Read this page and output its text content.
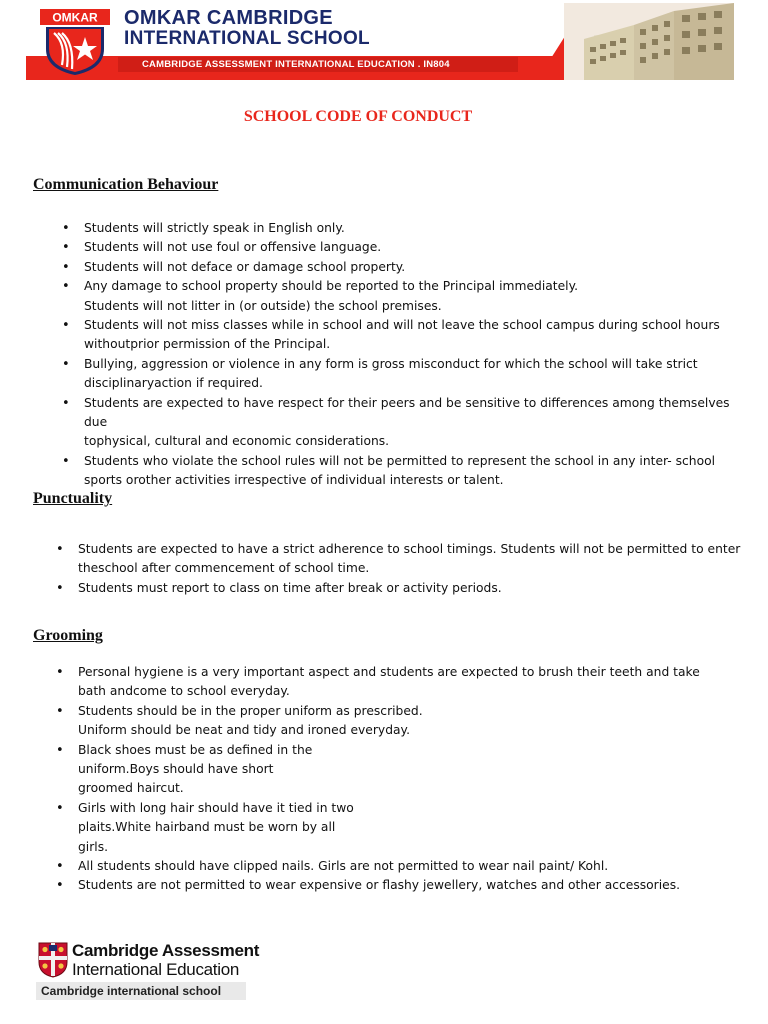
OMKAR OMKAR CAMBRIDGE
INTERNATIONAL SCHOOL
CAMBRIDGE ASSESSMENT INTERNATIONAL EDUCATION . IN804
SCHOOL CODE OF CONDUCT
Communication Behaviour
• Students will strictly speak in English only.
• Students will not use foul or offensive language.
• Students will not deface or damage school property.
• Any damage to school property should be reported to the Principal immediately.
Students will not litter in (or outside) the school premises.
• Students will not miss classes while in school and will not leave the school campus during school hours
withoutprior permission of the Principal.
• Bullying, aggression or violence in any form is gross misconduct for which the school will take strict
disciplinaryaction if required.
• Students are expected to have respect for their peers and be sensitive to differences among themselves due
tophysical, cultural and economic considerations.
• Students who violate the school rules will not be permitted to represent the school in any inter- school
sports orother activities irrespective of individual interests or talent.
Punctuality
• Students are expected to have a strict adherence to school timings. Students will not be permitted to enter
theschool after commencement of school time.
• Students must report to class on time after break or activity periods.
Grooming
• Personal hygiene is a very important aspect and students are expected to brush their teeth and take
bath andcome to school everyday.
• Students should be in the proper uniform as prescribed.
Uniform should be neat and tidy and ironed everyday.
• Black shoes must be as defined in the
uniform.Boys should have short
groomed haircut.
• Girls with long hair should have it tied in two
plaits.White hairband must be worn by all
girls.
• All students should have clipped nails. Girls are not permitted to wear nail paint/ Kohl.
• Students are not permitted to wear expensive or flashy jewellery, watches and other accessories.
Cambridge Assessment
International Education
Cambridge international school
